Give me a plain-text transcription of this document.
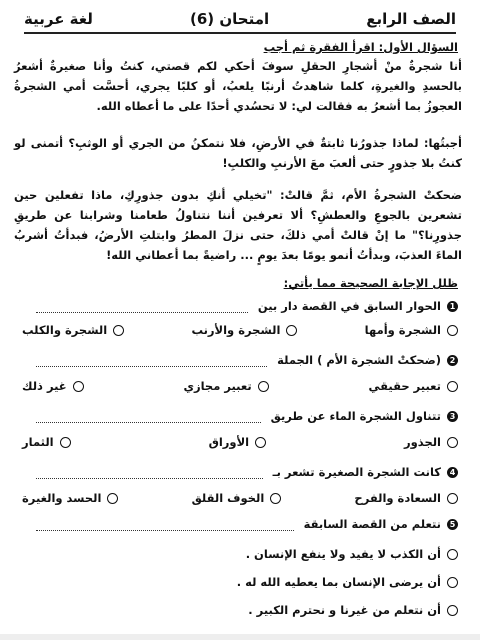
الصف الرابع
امتحان (6)
لغة عربية
السؤال الأول: اقرأ الفقرة ثم أجب
أنا شجرةٌ منْ أشجارِ الحقلِ سوفَ أحكي لكم قصتي، كنتُ وأنا صغيرةٌ أشعرُ بالحسدِ والغيرةِ، كلما شاهدتُ أرنبًا يلعبُ، أو كلبًا يجري، أحسَّت أمي الشجرةُ العجوزُ بما أشعرُ به فقالت لي: لا تحسُدي أحدًا على ما أعطاه الله.
أجبتُها: لماذا جذورُنا ثابتةٌ في الأرضِ، فلا نتمكنُ من الجري أو الوثبِ؟ أتمنى لو كنتُ بلا جذورٍ حتى ألعبَ معَ الأرنبِ والكلبِ!
ضحكتْ الشجرةُ الأم، ثمَّ قالتْ: "تخيلي أنكِ بدون جذورِكِ، ماذا تفعلين حين تشعرين بالجوعِ والعطشِ؟ ألا تعرفين أننا نتناولُ طعامنا وشرابنا عن طريقِ جذورِنا؟" ما إنْ قالتْ أمي ذلكَ، حتى نزلَ المطرُ وابتلتِ الأرضُ، فبدأتُ أشربُ الماءَ العذبَ، وبدأتُ أنمو يومًا بعدَ يومٍ ... راضيةً بما أعطاني الله!
ظلل الإجابة الصحيحة مما يأتي:
1
الحوار السابق في القصة دار بين
الشجرة وأمها
الشجرة والأرنب
الشجرة والكلب
2
(ضحكتْ الشجرة الأم ) الجملة
تعبير حقيقي
تعبير مجازي
غير ذلك
3
تتناول الشجرة الماء عن طريق
الجذور
الأوراق
الثمار
4
كانت الشجرة الصغيرة تشعر بـ
السعادة والفرح
الخوف القلق
الحسد والغيرة
5
نتعلم من القصة السابقة
أن الكذب لا يفيد ولا ينفع الإنسان .
أن يرضى الإنسان بما يعطيه الله له .
أن نتعلم من غيرنا و نحترم الكبير .
